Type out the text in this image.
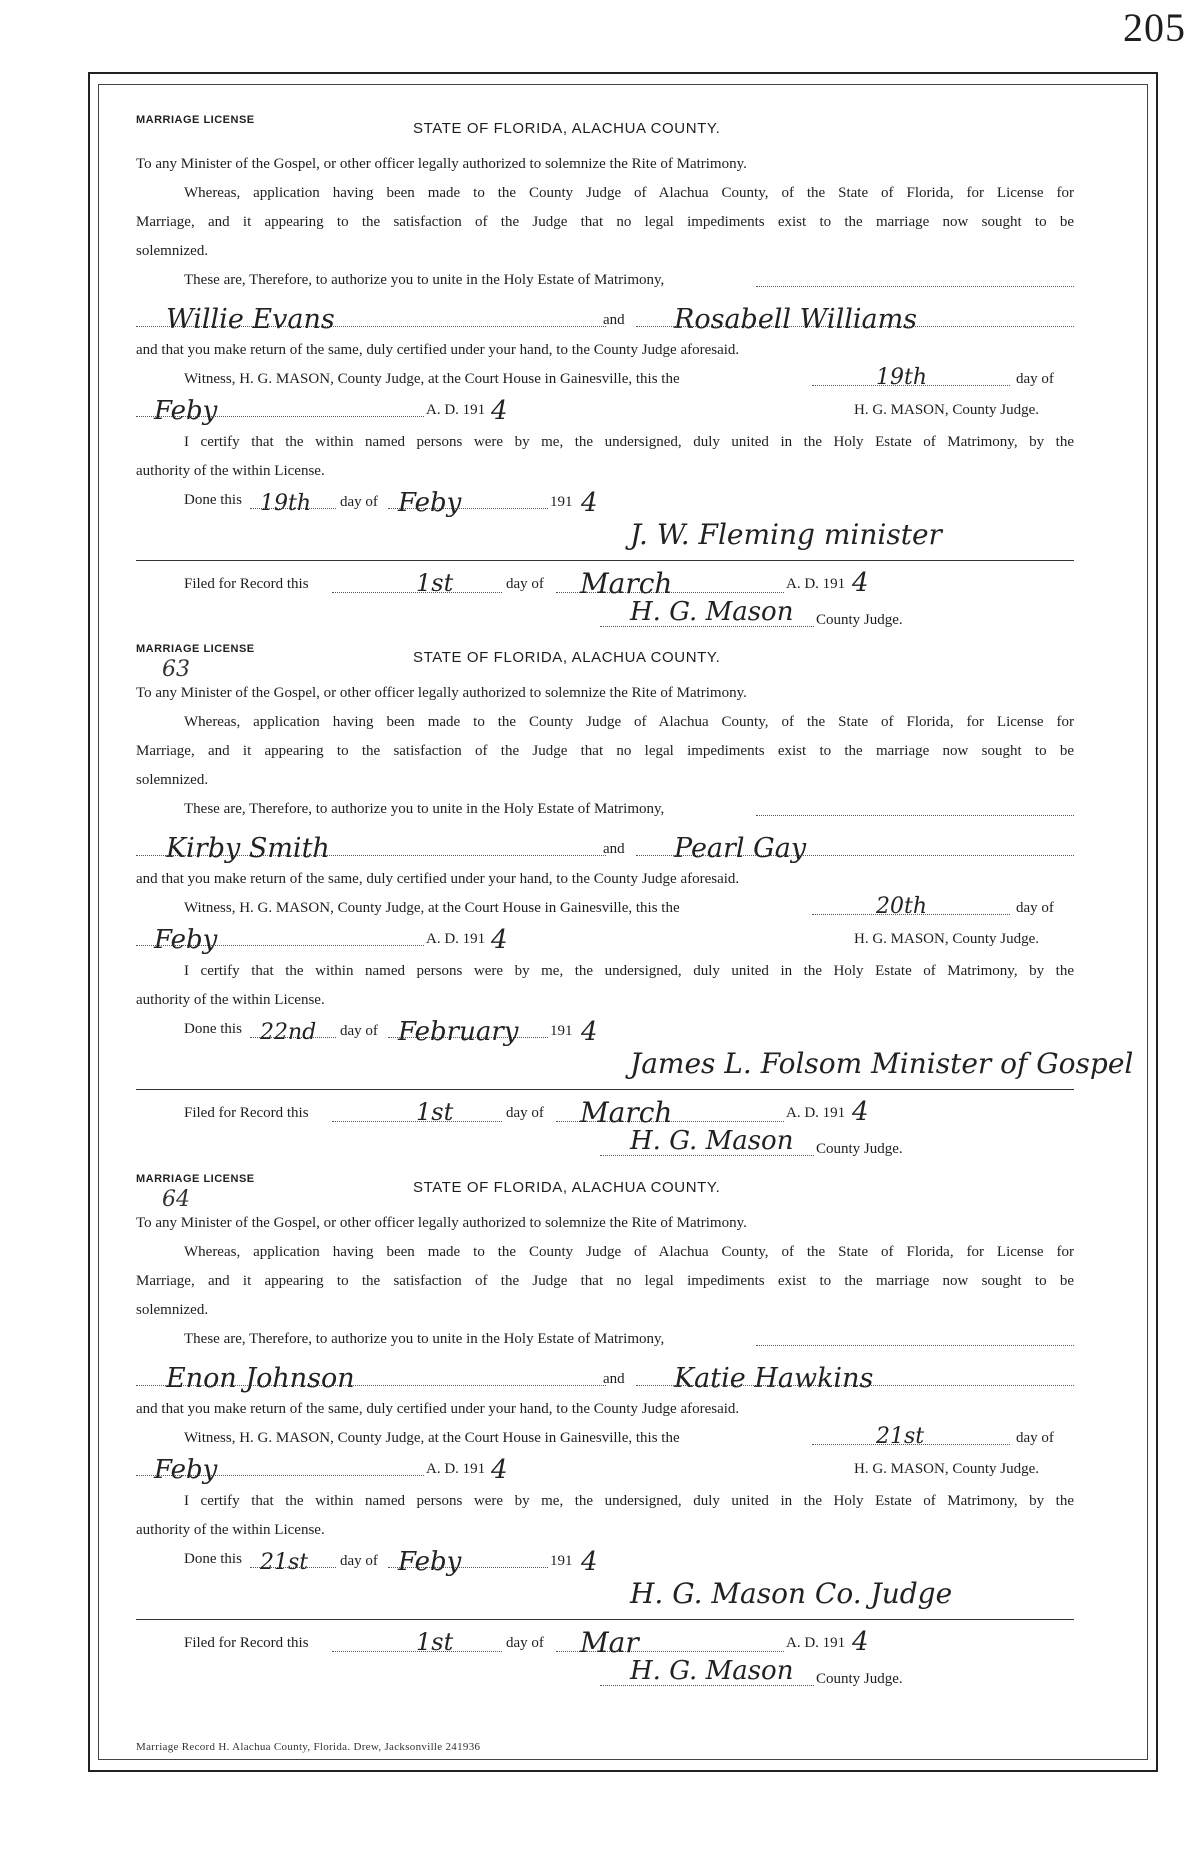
205
MARRIAGE LICENSE	STATE OF FLORIDA, ALACHUA COUNTY.
To any Minister of the Gospel, or other officer legally authorized to solemnize the Rite of Matrimony.
Whereas, application having been made to the County Judge of Alachua County, of the State of Florida, for License for
Marriage, and it appearing to the satisfaction of the Judge that no legal impediments exist to the marriage now sought to be
solemnized.
These are, Therefore, to authorize you to unite in the Holy Estate of Matrimony,
Willie Evans	and Rosabell Williams
and that you make return of the same, duly certified under your hand, to the County Judge aforesaid.
Witness, H. G. MASON, County Judge, at the Court House in Gainesville, this the	19th	day of
Feby	A. D. 191 4	H. G. MASON, County Judge.
I certify that the within named persons were by me, the undersigned, duly united in the Holy Estate of Matrimony, by the
authority of the within License.
Done this 19th day of Feby	191 4
J. W. Fleming minister
Filed for Record this	1st	day of March	A. D. 191 4
H. G. Mason County Judge.
MARRIAGE LICENSE
63	STATE OF FLORIDA, ALACHUA COUNTY.
To any Minister of the Gospel, or other officer legally authorized to solemnize the Rite of Matrimony.
Whereas, application having been made to the County Judge of Alachua County, of the State of Florida, for License for
Marriage, and it appearing to the satisfaction of the Judge that no legal impediments exist to the marriage now sought to be
solemnized.
These are, Therefore, to authorize you to unite in the Holy Estate of Matrimony,
Kirby Smith	and Pearl Gay
and that you make return of the same, duly certified under your hand, to the County Judge aforesaid.
Witness, H. G. MASON, County Judge, at the Court House in Gainesville, this the	20th	day of
Feby	A. D. 191 4	H. G. MASON, County Judge.
I certify that the within named persons were by me, the undersigned, duly united in the Holy Estate of Matrimony, by the
authority of the within License.
Done this 22nd day of February 191 4
James L. Folsom Minister of Gospel
Filed for Record this	1st	day of March	A. D. 191 4
H. G. Mason County Judge.
MARRIAGE LICENSE
64	STATE OF FLORIDA, ALACHUA COUNTY.
To any Minister of the Gospel, or other officer legally authorized to solemnize the Rite of Matrimony.
Whereas, application having been made to the County Judge of Alachua County, of the State of Florida, for License for
Marriage, and it appearing to the satisfaction of the Judge that no legal impediments exist to the marriage now sought to be
solemnized.
These are, Therefore, to authorize you to unite in the Holy Estate of Matrimony,
Enon Johnson	and Katie Hawkins
and that you make return of the same, duly certified under your hand, to the County Judge aforesaid.
Witness, H. G. MASON, County Judge, at the Court House in Gainesville, this the	21st	day of
Feby	A. D. 191 4	H. G. MASON, County Judge.
I certify that the within named persons were by me, the undersigned, duly united in the Holy Estate of Matrimony, by the
authority of the within License.
Done this 21st day of Feby	191 4
H. G. Mason Co. Judge
Filed for Record this	1st	day of Mar	A. D. 191 4
H. G. Mason County Judge.
Marriage Record H. Alachua County, Florida. Drew, Jacksonville 241936
